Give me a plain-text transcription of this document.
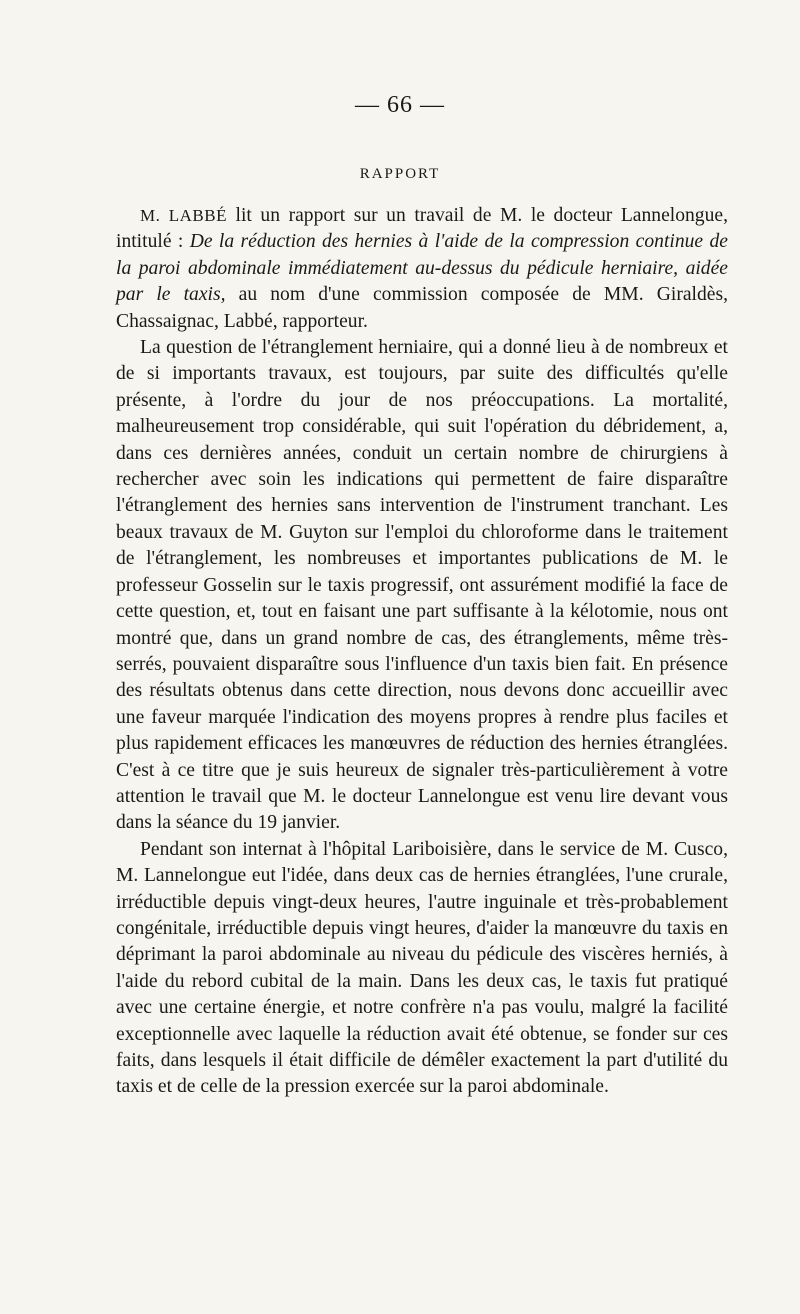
— 66 —
RAPPORT

M. LABBÉ lit un rapport sur un travail de M. le docteur Lannelongue, intitulé : De la réduction des hernies à l'aide de la compression continue de la paroi abdominale immédiatement au-dessus du pédicule herniaire, aidée par le taxis, au nom d'une commission composée de MM. Giraldès, Chassaignac, Labbé, rapporteur.

La question de l'étranglement herniaire, qui a donné lieu à de nombreux et de si importants travaux, est toujours, par suite des difficultés qu'elle présente, à l'ordre du jour de nos préoccupations. La mortalité, malheureusement trop considérable, qui suit l'opération du débridement, a, dans ces dernières années, conduit un certain nombre de chirurgiens à rechercher avec soin les indications qui permettent de faire disparaître l'étranglement des hernies sans intervention de l'instrument tranchant. Les beaux travaux de M. Guyton sur l'emploi du chloroforme dans le traitement de l'étranglement, les nombreuses et importantes publications de M. le professeur Gosselin sur le taxis progressif, ont assurément modifié la face de cette question, et, tout en faisant une part suffisante à la kélotomie, nous ont montré que, dans un grand nombre de cas, des étranglements, même très-serrés, pouvaient disparaître sous l'influence d'un taxis bien fait. En présence des résultats obtenus dans cette direction, nous devons donc accueillir avec une faveur marquée l'indication des moyens propres à rendre plus faciles et plus rapidement efficaces les manœuvres de réduction des hernies étranglées. C'est à ce titre que je suis heureux de signaler très-particulièrement à votre attention le travail que M. le docteur Lannelongue est venu lire devant vous dans la séance du 19 janvier.

Pendant son internat à l'hôpital Lariboisière, dans le service de M. Cusco, M. Lannelongue eut l'idée, dans deux cas de hernies étranglées, l'une crurale, irréductible depuis vingt-deux heures, l'autre inguinale et très-probablement congénitale, irréductible depuis vingt heures, d'aider la manœuvre du taxis en déprimant la paroi abdominale au niveau du pédicule des viscères herniés, à l'aide du rebord cubital de la main. Dans les deux cas, le taxis fut pratiqué avec une certaine énergie, et notre confrère n'a pas voulu, malgré la facilité exceptionnelle avec laquelle la réduction avait été obtenue, se fonder sur ces faits, dans lesquels il était difficile de démêler exactement la part d'utilité du taxis et de celle de la pression exercée sur la paroi abdominale.
